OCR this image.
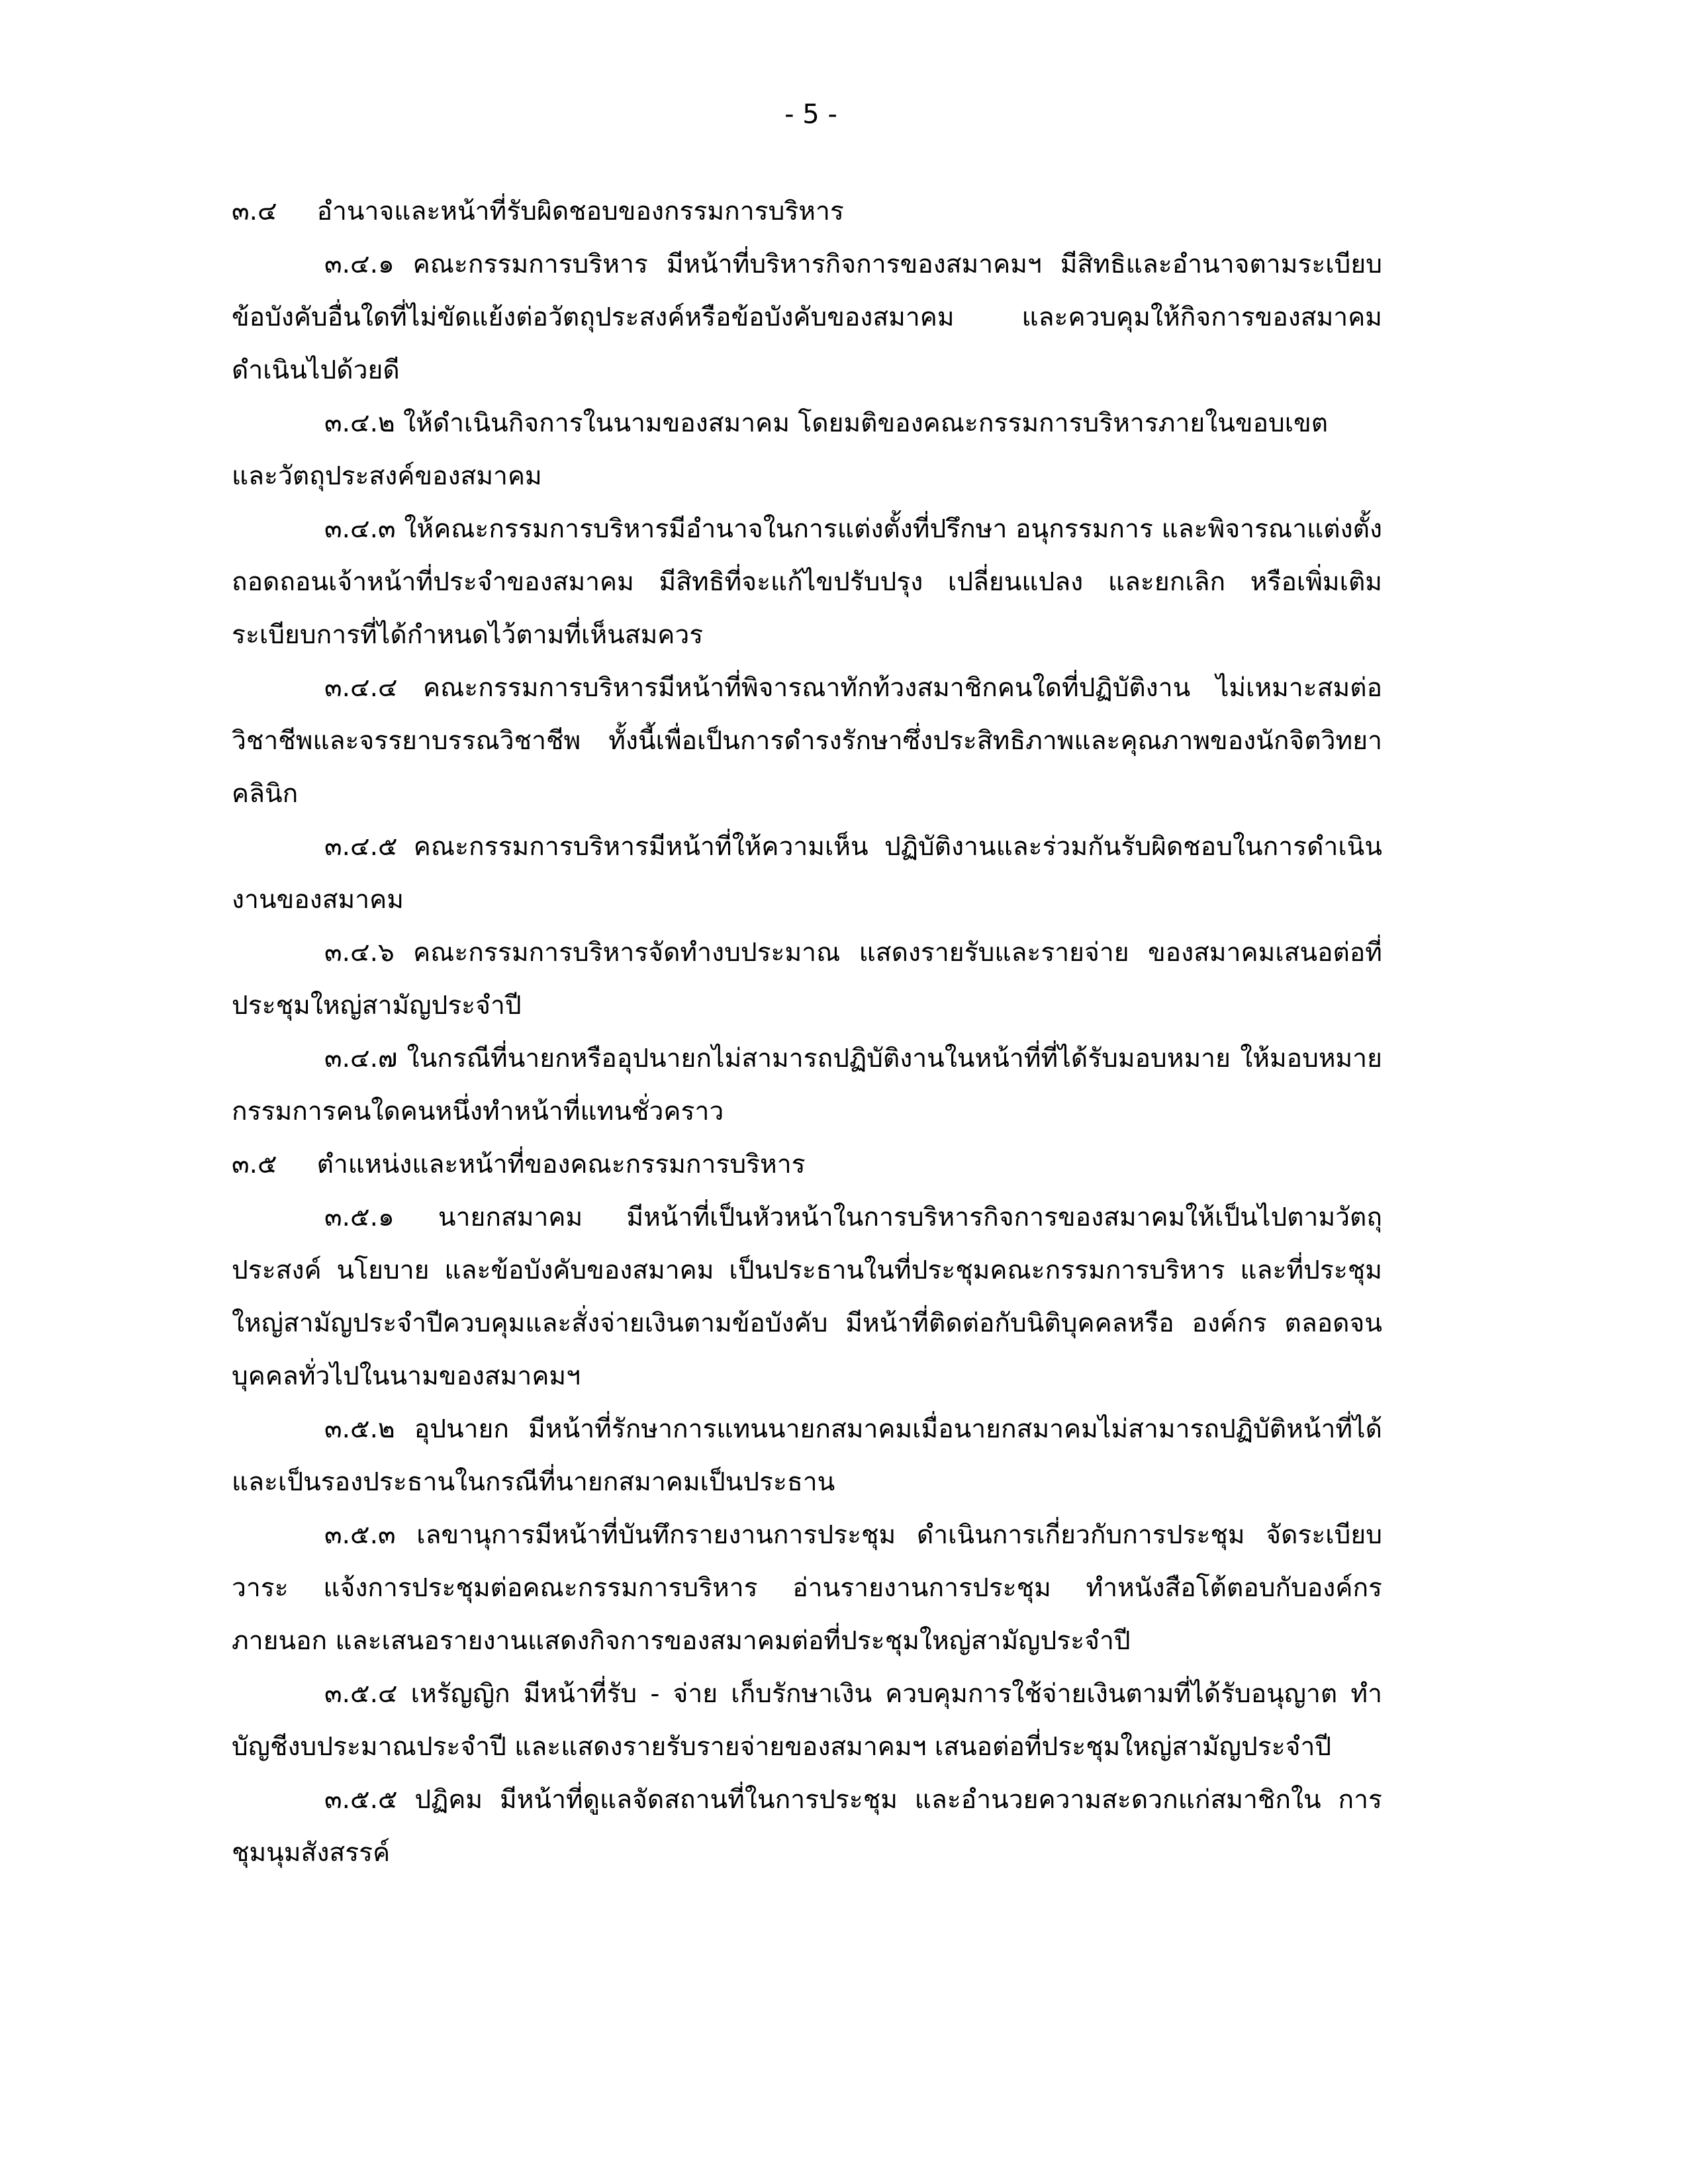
- 5 -
๓.๔ อำนาจและหน้าที่รับผิดชอบของกรรมการบริหาร
๓.๔.๑ คณะกรรมการบริหาร มีหน้าที่บริหารกิจการของสมาคมฯ มีสิทธิและอำนาจตามระเบียบ
ข้อบังคับอื่นใดที่ไม่ขัดแย้งต่อวัตถุประสงค์หรือข้อบังคับของสมาคม และควบคุมให้กิจการของสมาคม
ดำเนินไปด้วยดี
๓.๔.๒ ให้ดำเนินกิจการในนามของสมาคม โดยมติของคณะกรรมการบริหารภายในขอบเขต
และวัตถุประสงค์ของสมาคม
๓.๔.๓ ให้คณะกรรมการบริหารมีอำนาจในการแต่งตั้งที่ปรึกษา อนุกรรมการ และพิจารณาแต่งตั้ง
ถอดถอนเจ้าหน้าที่ประจำของสมาคม มีสิทธิที่จะแก้ไขปรับปรุง เปลี่ยนแปลง และยกเลิก หรือเพิ่มเติม
ระเบียบการที่ได้กำหนดไว้ตามที่เห็นสมควร
๓.๔.๔ คณะกรรมการบริหารมีหน้าที่พิจารณาทักท้วงสมาชิกคนใดที่ปฏิบัติงาน ไม่เหมาะสมต่อ
วิชาชีพและจรรยาบรรณวิชาชีพ ทั้งนี้เพื่อเป็นการดำรงรักษาซึ่งประสิทธิภาพและคุณภาพของนักจิตวิทยา
คลินิก
๓.๔.๕ คณะกรรมการบริหารมีหน้าที่ให้ความเห็น ปฏิบัติงานและร่วมกันรับผิดชอบในการดำเนิน
งานของสมาคม
๓.๔.๖ คณะกรรมการบริหารจัดทำงบประมาณ แสดงรายรับและรายจ่าย ของสมาคมเสนอต่อที่
ประชุมใหญ่สามัญประจำปี
๓.๔.๗ ในกรณีที่นายกหรืออุปนายกไม่สามารถปฏิบัติงานในหน้าที่ที่ได้รับมอบหมาย ให้มอบหมาย
กรรมการคนใดคนหนึ่งทำหน้าที่แทนชั่วคราว
๓.๕ ตำแหน่งและหน้าที่ของคณะกรรมการบริหาร
๓.๕.๑ นายกสมาคม มีหน้าที่เป็นหัวหน้าในการบริหารกิจการของสมาคมให้เป็นไปตามวัตถุ
ประสงค์ นโยบาย และข้อบังคับของสมาคม เป็นประธานในที่ประชุมคณะกรรมการบริหาร และที่ประชุม
ใหญ่สามัญประจำปีควบคุมและสั่งจ่ายเงินตามข้อบังคับ มีหน้าที่ติดต่อกับนิติบุคคลหรือ องค์กร ตลอดจน
บุคคลทั่วไปในนามของสมาคมฯ
๓.๕.๒ อุปนายก มีหน้าที่รักษาการแทนนายกสมาคมเมื่อนายกสมาคมไม่สามารถปฏิบัติหน้าที่ได้
และเป็นรองประธานในกรณีที่นายกสมาคมเป็นประธาน
๓.๕.๓ เลขานุการมีหน้าที่บันทึกรายงานการประชุม ดำเนินการเกี่ยวกับการประชุม จัดระเบียบ
วาระ แจ้งการประชุมต่อคณะกรรมการบริหาร อ่านรายงานการประชุม ทำหนังสือโต้ตอบกับองค์กร
ภายนอก และเสนอรายงานแสดงกิจการของสมาคมต่อที่ประชุมใหญ่สามัญประจำปี
๓.๕.๔ เหรัญญิก มีหน้าที่รับ - จ่าย เก็บรักษาเงิน ควบคุมการใช้จ่ายเงินตามที่ได้รับอนุญาต ทำ
บัญชีงบประมาณประจำปี และแสดงรายรับรายจ่ายของสมาคมฯ เสนอต่อที่ประชุมใหญ่สามัญประจำปี
๓.๕.๕ ปฏิคม มีหน้าที่ดูแลจัดสถานที่ในการประชุม และอำนวยความสะดวกแก่สมาชิกใน การ
ชุมนุมสังสรรค์
